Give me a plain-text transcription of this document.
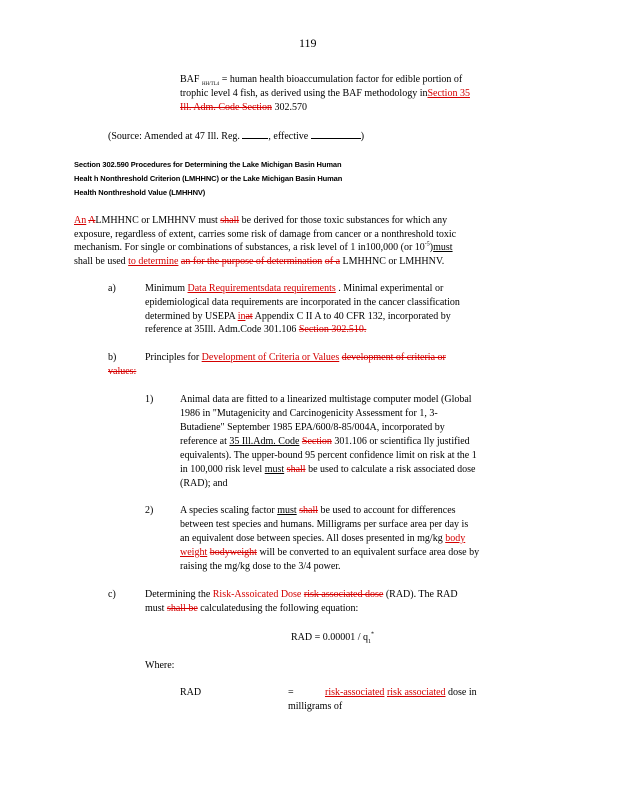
119
BAF $_{HH/TL4}$ = human health bioaccumulation factor for edible portion of
trophic level 4 fish, as derived using the BAF methodology inSection 35
Ill. Adm. Code Section 302.570
(Source: Amended at 47 Ill. Reg.	, effective	)
Section 302.590 Procedures for Determining the Lake Michigan Basin Human
Healt h Nonthreshold Criterion (LMHHNC) or the Lake Michigan Basin Human
Health Nonthreshold Value (LMHHNV)
An ALMHHNC or LMHHNV must shall be derived for those toxic substances for which any
exposure, regardless of extent, carries some risk of damage from cancer or a nonthreshold toxic
mechanism. For single or combinations of substances, a risk level of 1 in100,000 (or $10^{-5})must$
shall be used to determine an for the purpose of determination of a LMHHNC or LMHHNV.
a)	Minimum Data Requirementsdata requirements . Minimal experimental or
epidemiological data requirements are incorporated in the cancer classification
determined by USEPA inat Appendix C II A to 40 CFR 132, incorporated by
reference at 35Ill. Adm.Code 301.106 Section 302.510.
b)	Principles for Development of Criteria or Values development of criteria or
values:
1)	Animal data are fitted to a linearized multistage computer model (Global
1986 in "Mutagenicity and Carcinogenicity Assessment for 1, 3-
Butadiene" September 1985 EPA/600/8-85/004A, incorporated by
reference at 35 Ill.Adm. Code Section 301.106 or scientifica lly justified
equivalents). The upper-bound 95 percent confidence limit on risk at the 1
in 100,000 risk level must shall be used to calculate a risk associated dose
(RAD); and
2)	A species scaling factor must shall be used to account for differences
between test species and humans. Milligrams per surface area per day is
an equivalent dose between species. All doses presented in mg/kg body
weight bodyweight will be converted to an equivalent surface area dose by
raising the mg/kg dose to the 3/4 power.
c)	Determining the Risk-Assoicated Dose risk associated dose (RAD). The RAD
must shall be calculatedusing the following equation:
RAD = $0.00001 / q_1^*$
Where:
RAD	=	risk-associated risk associated dose in
milligrams of
